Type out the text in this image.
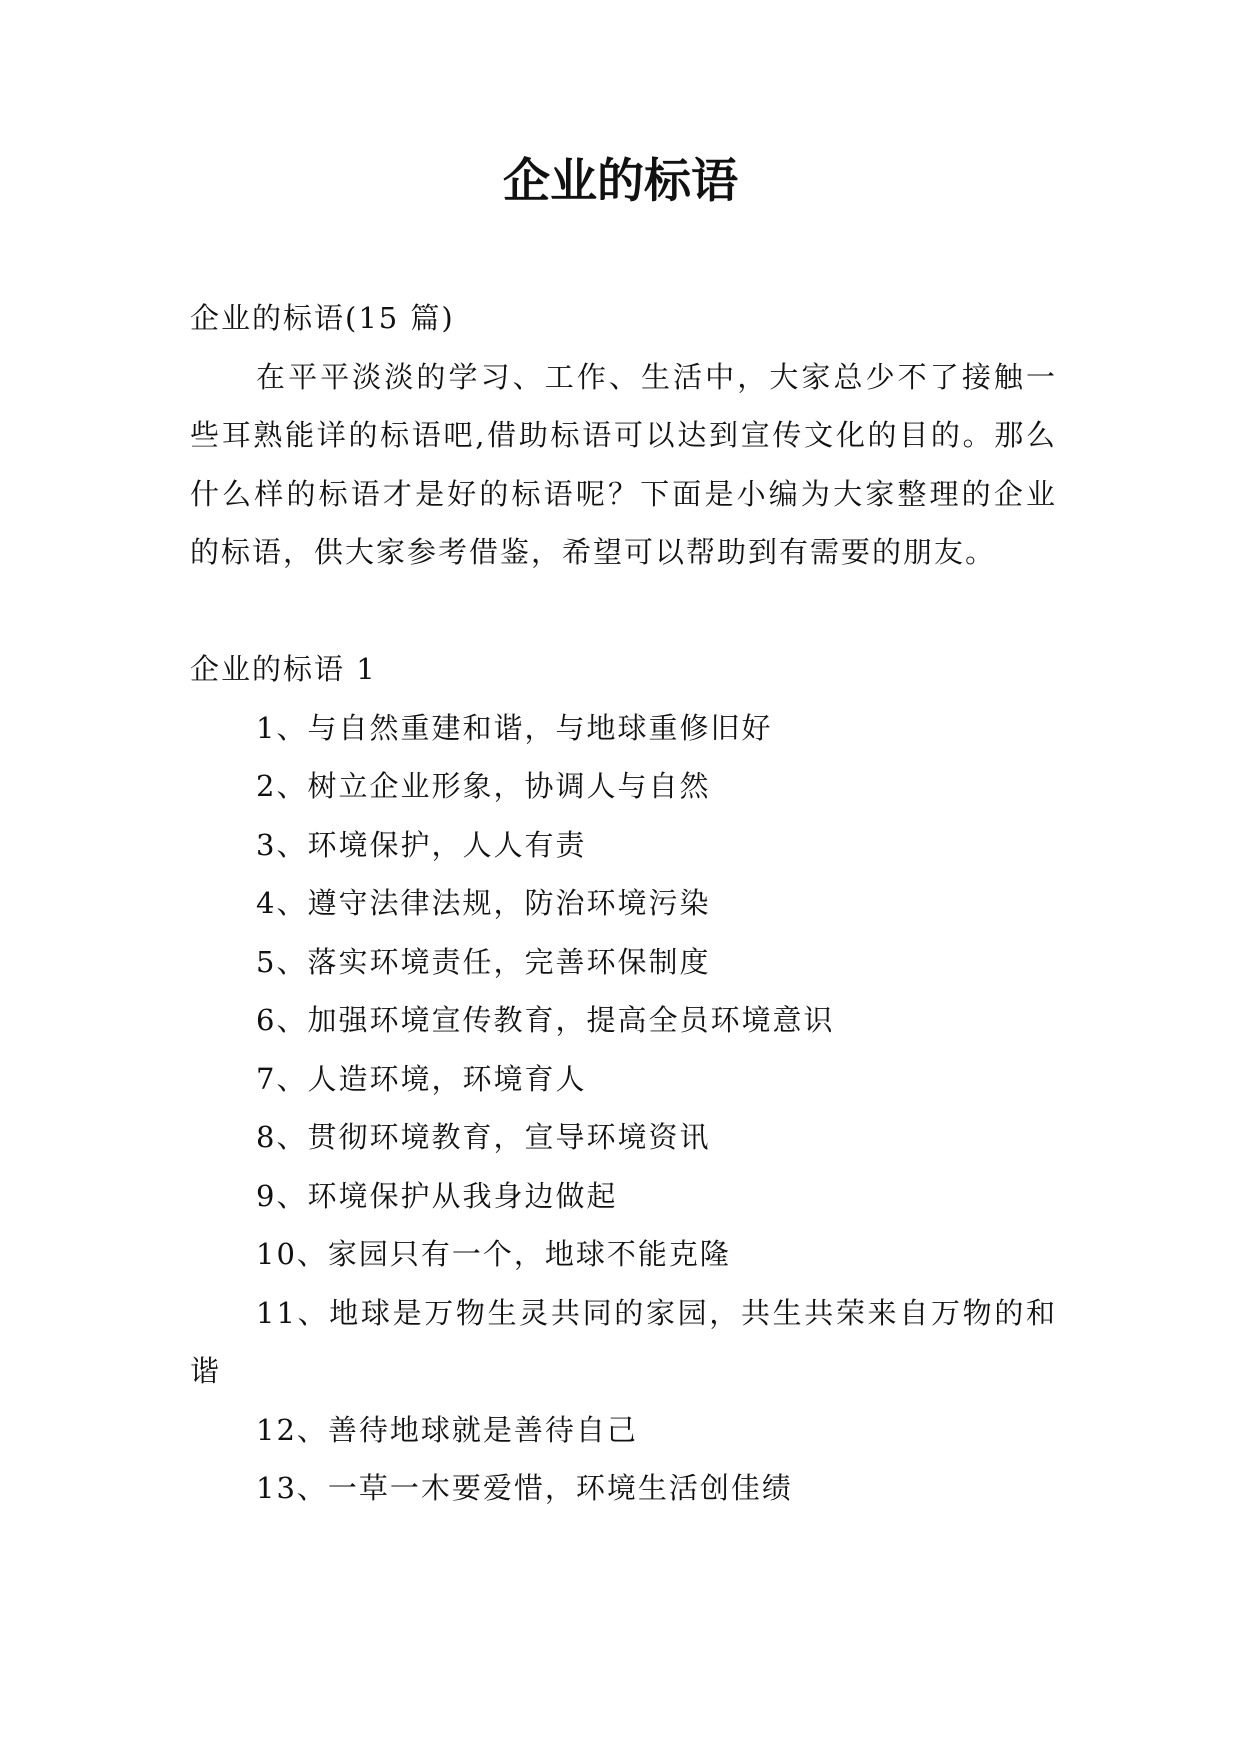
企业的标语
企业的标语(15 篇)

在平平淡淡的学习、工作、生活中，大家总少不了接触一些耳熟能详的标语吧,借助标语可以达到宣传文化的目的。那么什么样的标语才是好的标语呢？下面是小编为大家整理的企业的标语，供大家参考借鉴，希望可以帮助到有需要的朋友。

企业的标语 1
1、与自然重建和谐，与地球重修旧好
2、树立企业形象，协调人与自然
3、环境保护，人人有责
4、遵守法律法规，防治环境污染
5、落实环境责任，完善环保制度
6、加强环境宣传教育，提高全员环境意识
7、人造环境，环境育人
8、贯彻环境教育，宣导环境资讯
9、环境保护从我身边做起
10、家园只有一个，地球不能克隆

11、地球是万物生灵共同的家园，共生共荣来自万物的和谐

12、善待地球就是善待自己
13、一草一木要爱惜，环境生活创佳绩
